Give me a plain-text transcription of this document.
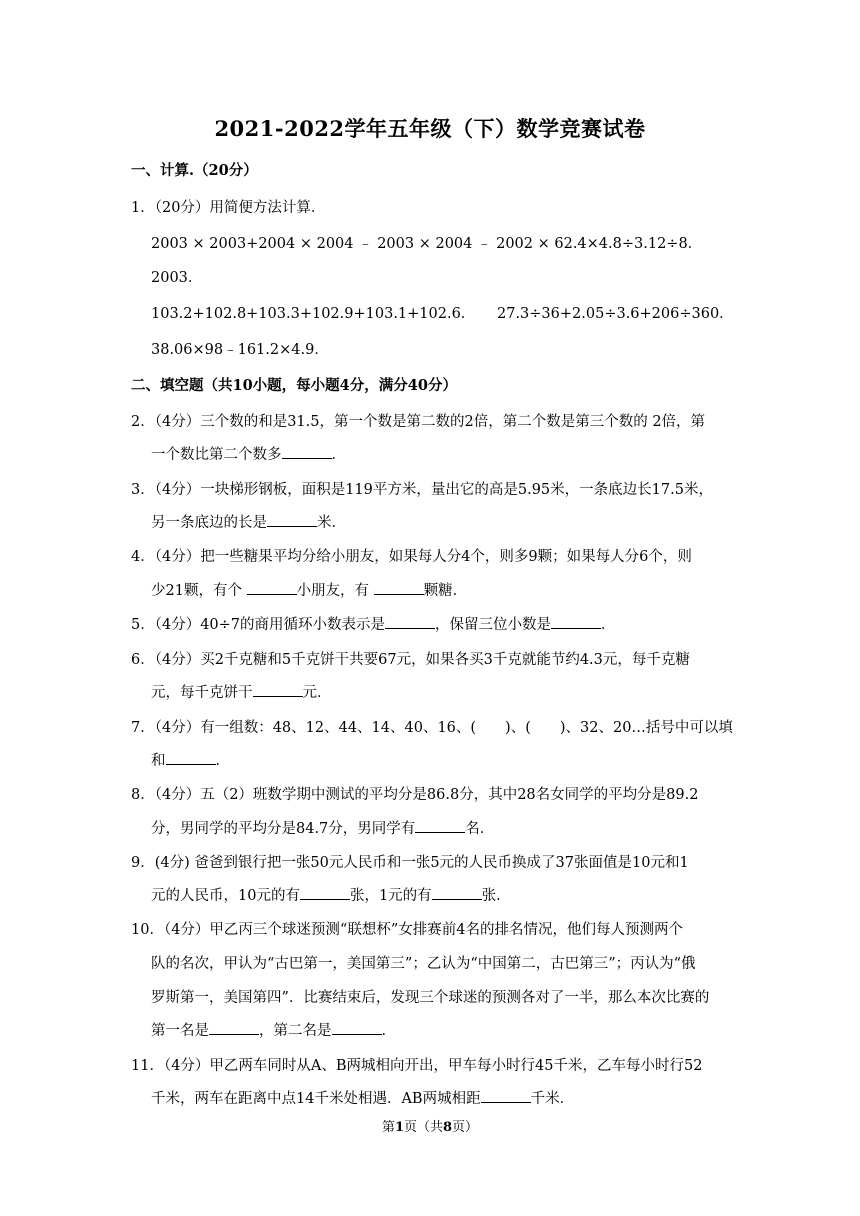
2021-2022学年五年级（下）数学竞赛试卷
一、计算.（20分）
1．（20分）用简便方法计算．
2003 × 2003+2004 × 2004 ﹣ 2003 × 2004 ﹣ 2002 × 62.4×4.8÷3.12÷8．
2003．
103.2+102.8+103.3+102.9+103.1+102.6． 27.3÷36+2.05÷3.6+206÷360．
38.06×98﹣161.2×4.9．
二、填空题（共10小题，每小题4分，满分40分）
2．（4分）三个数的和是31.5，第一个数是第二数的2倍，第二个数是第三个数的 2倍，第
一个数比第二个数多	．
3．（4分）一块梯形钢板，面积是119平方米，量出它的高是5.95米，一条底边长17.5米，
另一条底边的长是	米．
4．（4分）把一些糖果平均分给小朋友，如果每人分4个，则多9颗；如果每人分6个，则
少21颗，有个	小朋友，有	颗糖．
5．（4分）40÷7的商用循环小数表示是	，保留三位小数是	．
6．（4分）买2千克糖和5千克饼干共要67元，如果各买3千克就能节约4.3元，每千克糖
元，每千克饼干	元．
7．（4分）有一组数：48、12、44、14、40、16、(　　)、(　　)、32、20…括号中可以填
和	．
8．（4分）五（2）班数学期中测试的平均分是86.8分，其中28名女同学的平均分是89.2
分，男同学的平均分是84.7分，男同学有	名．
9．(4分) 爸爸到银行把一张50元人民币和一张5元的人民币换成了37张面值是10元和1
元的人民币，10元的有	张，1元的有	张．
10．（4分）甲乙丙三个球迷预测“联想杯”女排赛前4名的排名情况，他们每人预测两个
队的名次，甲认为“古巴第一，美国第三”；乙认为“中国第二，古巴第三”；丙认为“俄
罗斯第一，美国第四”．比赛结束后，发现三个球迷的预测各对了一半，那么本次比赛的
第一名是	，第二名是	．
11．（4分）甲乙两车同时从A、B两城相向开出，甲车每小时行45千米，乙车每小时行52
千米，两车在距离中点14千米处相遇．AB两城相距	千米．
第1页（共8页）
